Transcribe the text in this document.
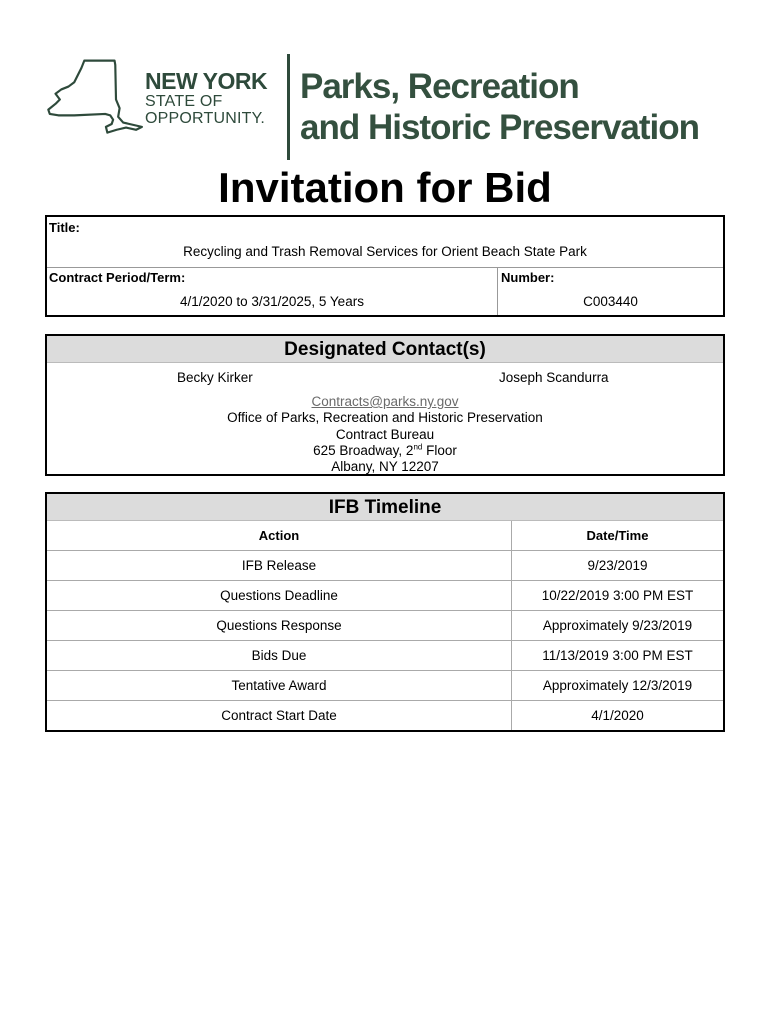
NEW YORK
STATE OF
OPPORTUNITY.
Parks, Recreation
and Historic Preservation
Invitation for Bid
Title:
Recycling and Trash Removal Services for Orient Beach State Park
Contract Period/Term:
4/1/2020 to 3/31/2025, 5 Years
Number:
C003440
Designated Contact(s)
Becky Kirker	Joseph Scandurra
Contracts@parks.ny.gov
Office of Parks, Recreation and Historic Preservation
Contract Bureau
625 Broadway, 2nd Floor
Albany, NY 12207
IFB Timeline
Action	Date/Time
IFB Release	9/23/2019
Questions Deadline	10/22/2019 3:00 PM EST
Questions Response	Approximately 9/23/2019
Bids Due	11/13/2019 3:00 PM EST
Tentative Award	Approximately 12/3/2019
Contract Start Date	4/1/2020
